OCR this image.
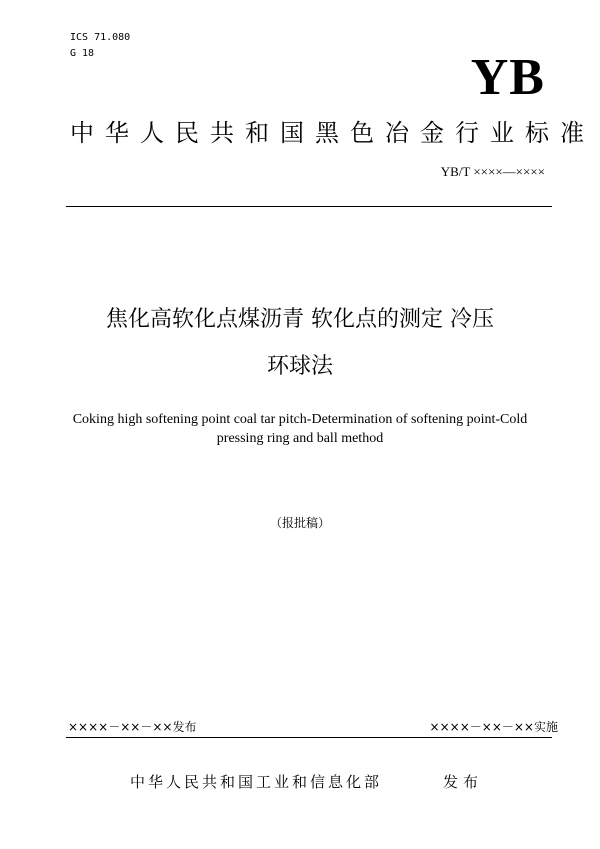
ICS 71.080
G 18	YB
中华人民共和国黑色冶金行业标准
YB/T ××××—××××
焦化高软化点煤沥青 软化点的测定 冷压
环球法
Coking high softening point coal tar pitch-Determination of softening point-Cold
pressing ring and ball method
（报批稿）
××××－××－××发布	××××－××－××实施
中华人民共和国工业和信息化部	发布
